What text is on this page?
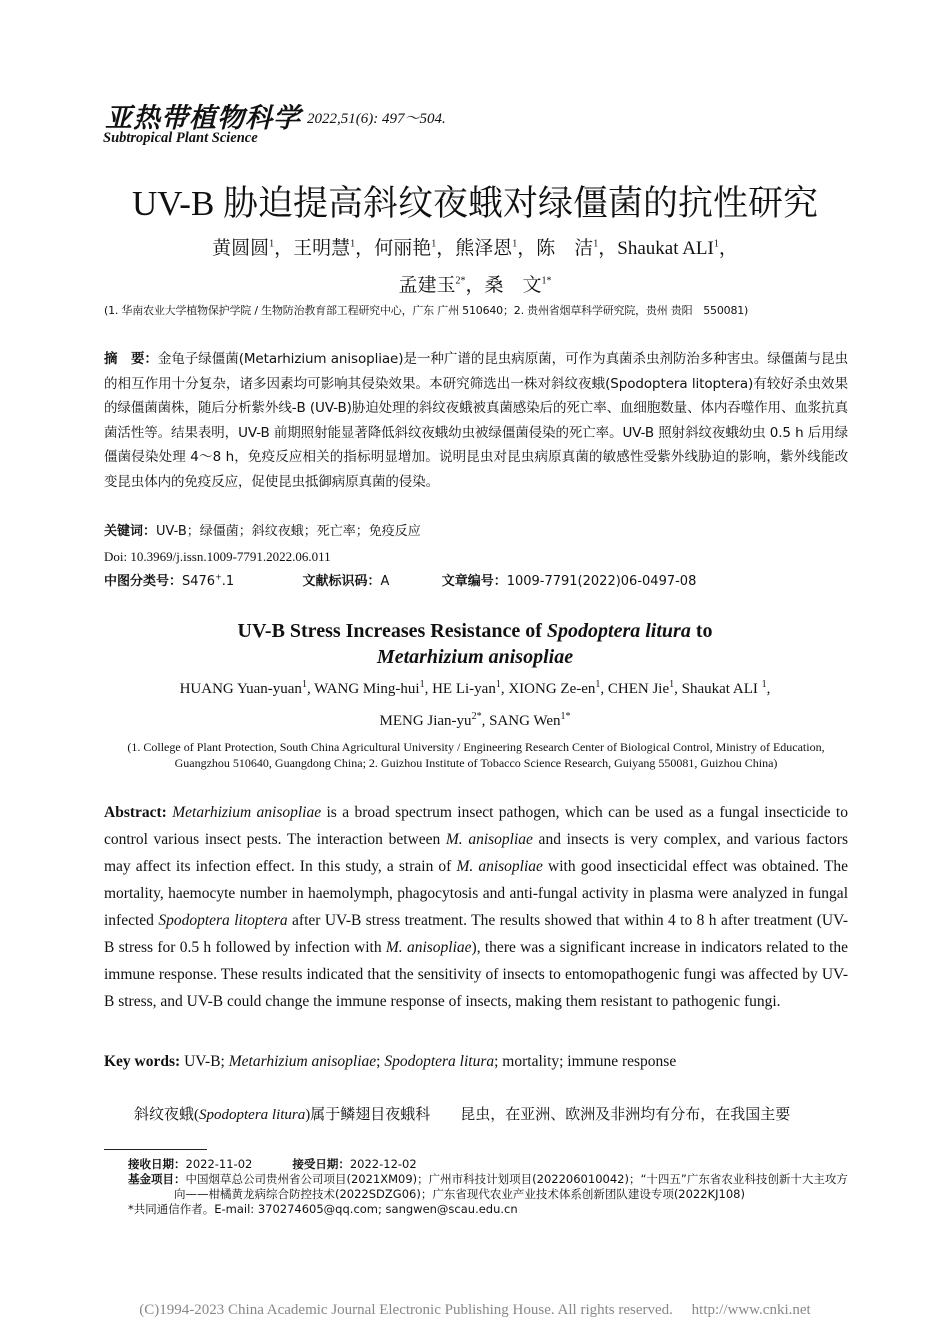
亚热带植物科学
Subtropical Plant Science
2022,51(6): 497～504.
UV-B 胁迫提高斜纹夜蛾对绿僵菌的抗性研究
黄圆圆$^1$，王明慧$^1$，何丽艳$^1$，熊泽恩$^1$，陈　洁$^1$，Shaukat ALI$^1$，
孟建玉$^{2*}$，桑　文$^{1*}$
(1. 华南农业大学植物保护学院 / 生物防治教育部工程研究中心，广东 广州 510640；2. 贵州省烟草科学研究院，贵州 贵阳　550081)
摘　要：金龟子绿僵菌(Metarhizium anisopliae)是一种广谱的昆虫病原菌，可作为真菌杀虫剂防治多种害虫。绿僵菌与昆虫的相互作用十分复杂，诸多因素均可影响其侵染效果。本研究筛选出一株对斜纹夜蛾(Spodoptera litoptera)有较好杀虫效果的绿僵菌菌株，随后分析紫外线-B (UV-B)胁迫处理的斜纹夜蛾被真菌感染后的死亡率、血细胞数量、体内吞噬作用、血浆抗真菌活性等。结果表明，UV-B 前期照射能显著降低斜纹夜蛾幼虫被绿僵菌侵染的死亡率。UV-B 照射斜纹夜蛾幼虫 0.5 h 后用绿僵菌侵染处理 4～8 h，免疫反应相关的指标明显增加。说明昆虫对昆虫病原真菌的敏感性受紫外线胁迫的影响，紫外线能改变昆虫体内的免疫反应，促使昆虫抵御病原真菌的侵染。
关键词：UV-B；绿僵菌；斜纹夜蛾；死亡率；免疫反应
Doi: 10.3969/j.issn.1009-7791.2022.06.011
中图分类号：S476+.1	文献标识码：A	文章编号：1009-7791(2022)06-0497-08
UV-B Stress Increases Resistance of Spodoptera litura to
Metarhizium anisopliae
HUANG Yuan-yuan$^1$, WANG Ming-hui$^1$, HE Li-yan$^1$, XIONG $Ze-en^1$, CHEN Jie$^1$, Shaukat ALI $^1$,
MENG Jian-$yu^{2*}$, SANG Wen$^{1*}$
(1. College of Plant Protection, South China Agricultural University / Engineering Research Center of Biological Control, Ministry of Education, Guangzhou 510640, Guangdong China; 2. Guizhou Institute of Tobacco Science Research, Guiyang 550081, Guizhou China)
Abstract: Metarhizium anisopliae is a broad spectrum insect pathogen, which can be used as a fungal insecticide to control various insect pests. The interaction between M. anisopliae and insects is very complex, and various factors may affect its infection effect. In this study, a strain of M. anisopliae with good insecticidal effect was obtained. The mortality, haemocyte number in haemolymph, phagocytosis and anti-fungal activity in plasma were analyzed in fungal infected Spodoptera litoptera after UV-B stress treatment. The results showed that within 4 to 8 h after treatment (UV-B stress for 0.5 h followed by infection with M. anisopliae), there was a significant increase in indicators related to the immune response. These results indicated that the sensitivity of insects to entomopathogenic fungi was affected by UV-B stress, and UV-B could change the immune response of insects, making them resistant to pathogenic fungi.
Key words: UV-B; Metarhizium anisopliae; Spodoptera litura; mortality; immune response
斜纹夜蛾(Spodoptera litura)属于鳞翅目夜蛾科　　昆虫，在亚洲、欧洲及非洲均有分布，在我国主要
接收日期：2022-11-02	接受日期：2022-12-02
基金项目：中国烟草总公司贵州省公司项目(2021XM09)；广州市科技计划项目(202206010042)；“十四五”广东省农业科技创新十大主攻方
向——柑橘黄龙病综合防控技术(2022SDZG06)；广东省现代农业产业技术体系创新团队建设专项(2022KJ108)
*共同通信作者。E-mail: 370274605@qq.com; sangwen@scau.edu.cn
(C)1994-2023 China Academic Journal Electronic Publishing House. All rights reserved.　 http://www.cnki.net
